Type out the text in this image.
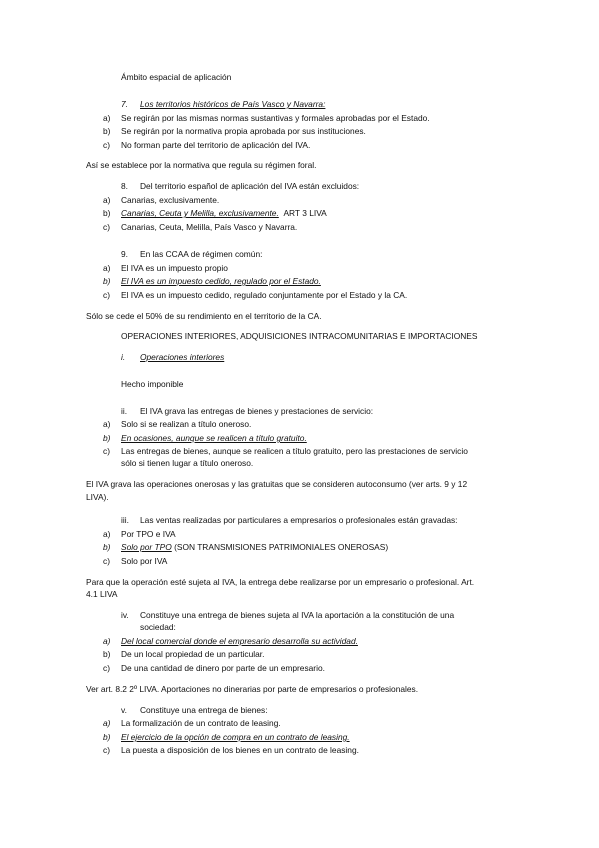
Ámbito espacial de aplicación
7. Los territorios históricos de País Vasco y Navarra:
a) Se regirán por las mismas normas sustantivas y formales aprobadas por el Estado.
b) Se regirán por la normativa propia aprobada por sus instituciones.
c) No forman parte del territorio de aplicación del IVA.
Así se establece por la normativa que regula su régimen foral.
8. Del territorio español de aplicación del IVA están excluidos:
a) Canarias, exclusivamente.
b) Canarias, Ceuta y Melilla, exclusivamente. ART 3 LIVA
c) Canarias, Ceuta, Melilla, País Vasco y Navarra.
9. En las CCAA de régimen común:
a) El IVA es un impuesto propio
b) El IVA es un impuesto cedido, regulado por el Estado.
c) El IVA es un impuesto cedido, regulado conjuntamente por el Estado y la CA.
Sólo se cede el 50% de su rendimiento en el territorio de la CA.
OPERACIONES INTERIORES, ADQUISICIONES INTRACOMUNITARIAS E IMPORTACIONES
i. Operaciones interiores
Hecho imponible
ii. El IVA grava las entregas de bienes y prestaciones de servicio:
a) Solo si se realizan a título oneroso.
b) En ocasiones, aunque se realicen a título gratuito.
c) Las entregas de bienes, aunque se realicen a título gratuito, pero las prestaciones de servicio
sólo si tienen lugar a título oneroso.
El IVA grava las operaciones onerosas y las gratuitas que se consideren autoconsumo (ver arts. 9 y 12
LIVA).
iii. Las ventas realizadas por particulares a empresarios o profesionales están gravadas:
a) Por TPO e IVA
b) Solo por TPO (SON TRANSMISIONES PATRIMONIALES ONEROSAS)
c) Solo por IVA
Para que la operación esté sujeta al IVA, la entrega debe realizarse por un empresario o profesional. Art.
4.1 LIVA
iv. Constituye una entrega de bienes sujeta al IVA la aportación a la constitución de una
sociedad:
a) Del local comercial donde el empresario desarrolla su actividad.
b) De un local propiedad de un particular.
c) De una cantidad de dinero por parte de un empresario.
Ver art. 8.2 2º LIVA. Aportaciones no dinerarias por parte de empresarios o profesionales.
v. Constituye una entrega de bienes:
a) La formalización de un contrato de leasing.
b) El ejercicio de la opción de compra en un contrato de leasing.
c) La puesta a disposición de los bienes en un contrato de leasing.
